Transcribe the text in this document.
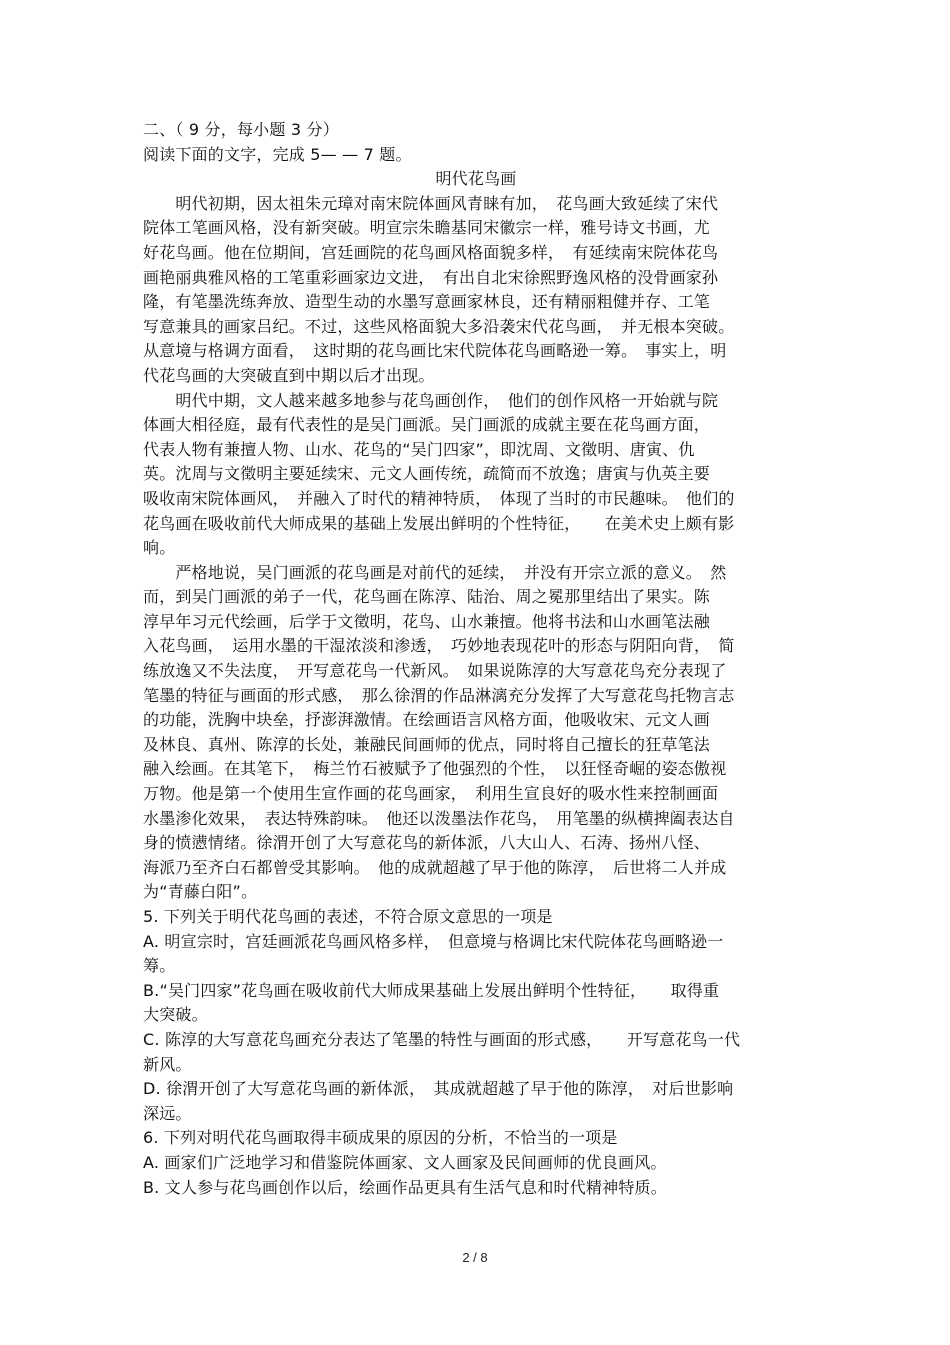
二、（ 9 分，每小题 3 分）
阅读下面的文字，完成 5— — 7 题。
明代花鸟画
　　明代初期，因太祖朱元璋对南宋院体画风青睐有加，　花鸟画大致延续了宋代
院体工笔画风格，没有新突破。明宣宗朱瞻基同宋徽宗一样，雅号诗文书画，尤
好花鸟画。他在位期间，宫廷画院的花鸟画风格面貌多样，　有延续南宋院体花鸟
画艳丽典雅风格的工笔重彩画家边文进，　有出自北宋徐熙野逸风格的没骨画家孙
隆，有笔墨洗练奔放、造型生动的水墨写意画家林良，还有精丽粗健并存、工笔
写意兼具的画家吕纪。不过，这些风格面貌大多沿袭宋代花鸟画，　并无根本突破。
从意境与格调方面看，　这时期的花鸟画比宋代院体花鸟画略逊一筹。　事实上，明
代花鸟画的大突破直到中期以后才出现。
　　明代中期，文人越来越多地参与花鸟画创作，　他们的创作风格一开始就与院
体画大相径庭，最有代表性的是吴门画派。吴门画派的成就主要在花鸟画方面，
代表人物有兼擅人物、山水、花鸟的“吴门四家”，即沈周、文徵明、唐寅、仇
英。沈周与文徵明主要延续宋、元文人画传统，疏简而不放逸；唐寅与仇英主要
吸收南宋院体画风，　并融入了时代的精神特质，　体现了当时的市民趣味。　他们的
花鸟画在吸收前代大师成果的基础上发展出鲜明的个性特征，　　在美术史上颇有影
响。
　　严格地说，吴门画派的花鸟画是对前代的延续，　并没有开宗立派的意义。　然
而，到吴门画派的弟子一代，花鸟画在陈淳、陆治、周之冕那里结出了果实。陈
淳早年习元代绘画，后学于文徵明，花鸟、山水兼擅。他将书法和山水画笔法融
入花鸟画，　运用水墨的干湿浓淡和渗透，　巧妙地表现花叶的形态与阴阳向背，　简
练放逸又不失法度，　开写意花鸟一代新风。　如果说陈淳的大写意花鸟充分表现了
笔墨的特征与画面的形式感，　那么徐渭的作品淋漓充分发挥了大写意花鸟托物言志
的功能，洗胸中块垒，抒澎湃激情。在绘画语言风格方面，他吸收宋、元文人画
及林良、真州、陈淳的长处，兼融民间画师的优点，同时将自己擅长的狂草笔法
融入绘画。在其笔下，　梅兰竹石被赋予了他强烈的个性，　以狂怪奇崛的姿态傲视
万物。他是第一个使用生宣作画的花鸟画家，　利用生宣良好的吸水性来控制画面
水墨渗化效果，　表达特殊韵味。　他还以泼墨法作花鸟，　用笔墨的纵横捭阖表达自
身的愤懑情绪。徐渭开创了大写意花鸟的新体派，八大山人、石涛、扬州八怪、
海派乃至齐白石都曾受其影响。　他的成就超越了早于他的陈淳，　后世将二人并成
为“青藤白阳”。
5. 下列关于明代花鸟画的表述，不符合原文意思的一项是
A. 明宣宗时，宫廷画派花鸟画风格多样，　但意境与格调比宋代院体花鸟画略逊一
筹。
B.“吴门四家”花鸟画在吸收前代大师成果基础上发展出鲜明个性特征，　　取得重
大突破。
C. 陈淳的大写意花鸟画充分表达了笔墨的特性与画面的形式感，　　开写意花鸟一代
新风。
D. 徐渭开创了大写意花鸟画的新体派，　其成就超越了早于他的陈淳，　对后世影响
深远。
6. 下列对明代花鸟画取得丰硕成果的原因的分析，不恰当的一项是
A. 画家们广泛地学习和借鉴院体画家、文人画家及民间画师的优良画风。
B. 文人参与花鸟画创作以后，绘画作品更具有生活气息和时代精神特质。
2 / 8
